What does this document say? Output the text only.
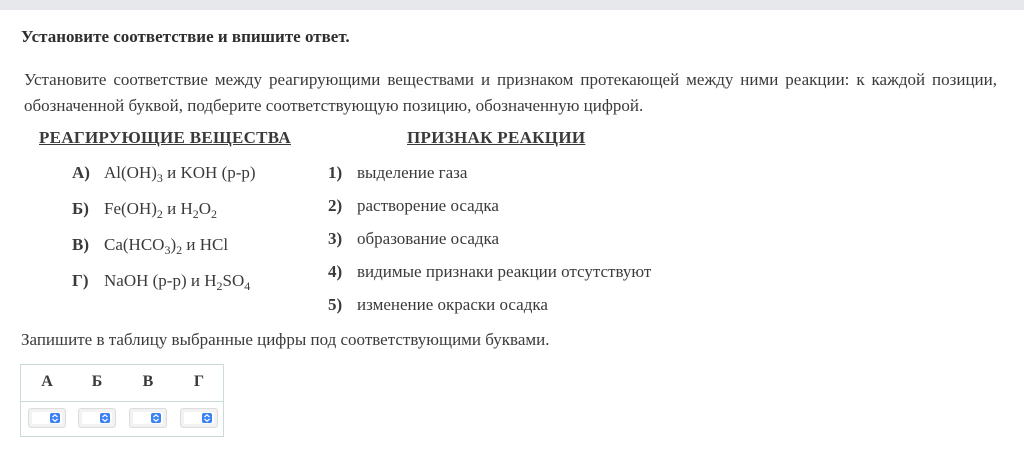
Установите соответствие и впишите ответ.
Установите соответствие между реагирующими веществами и признаком протекающей между ними реакции: к каждой позиции, обозначенной буквой, подберите соответствующую позицию, обозначенную цифрой.
РЕАГИРУЮЩИЕ ВЕЩЕСТВА	ПРИЗНАК РЕАКЦИИ
А) $Al(OH)_3$ и KOH (р-р)
Б) $Fe(OH)_2$ и $H_2O_2$
В) $Ca(HCO_3)_2$ и HCl
Г) NaOH (р-р) и $H_2SO_4$
1) выделение газа
2) растворение осадка
3) образование осадка
4) видимые признаки реакции отсутствуют
5) изменение окраски осадка
Запишите в таблицу выбранные цифры под соответствующими буквами.
А	Б	В	Г
